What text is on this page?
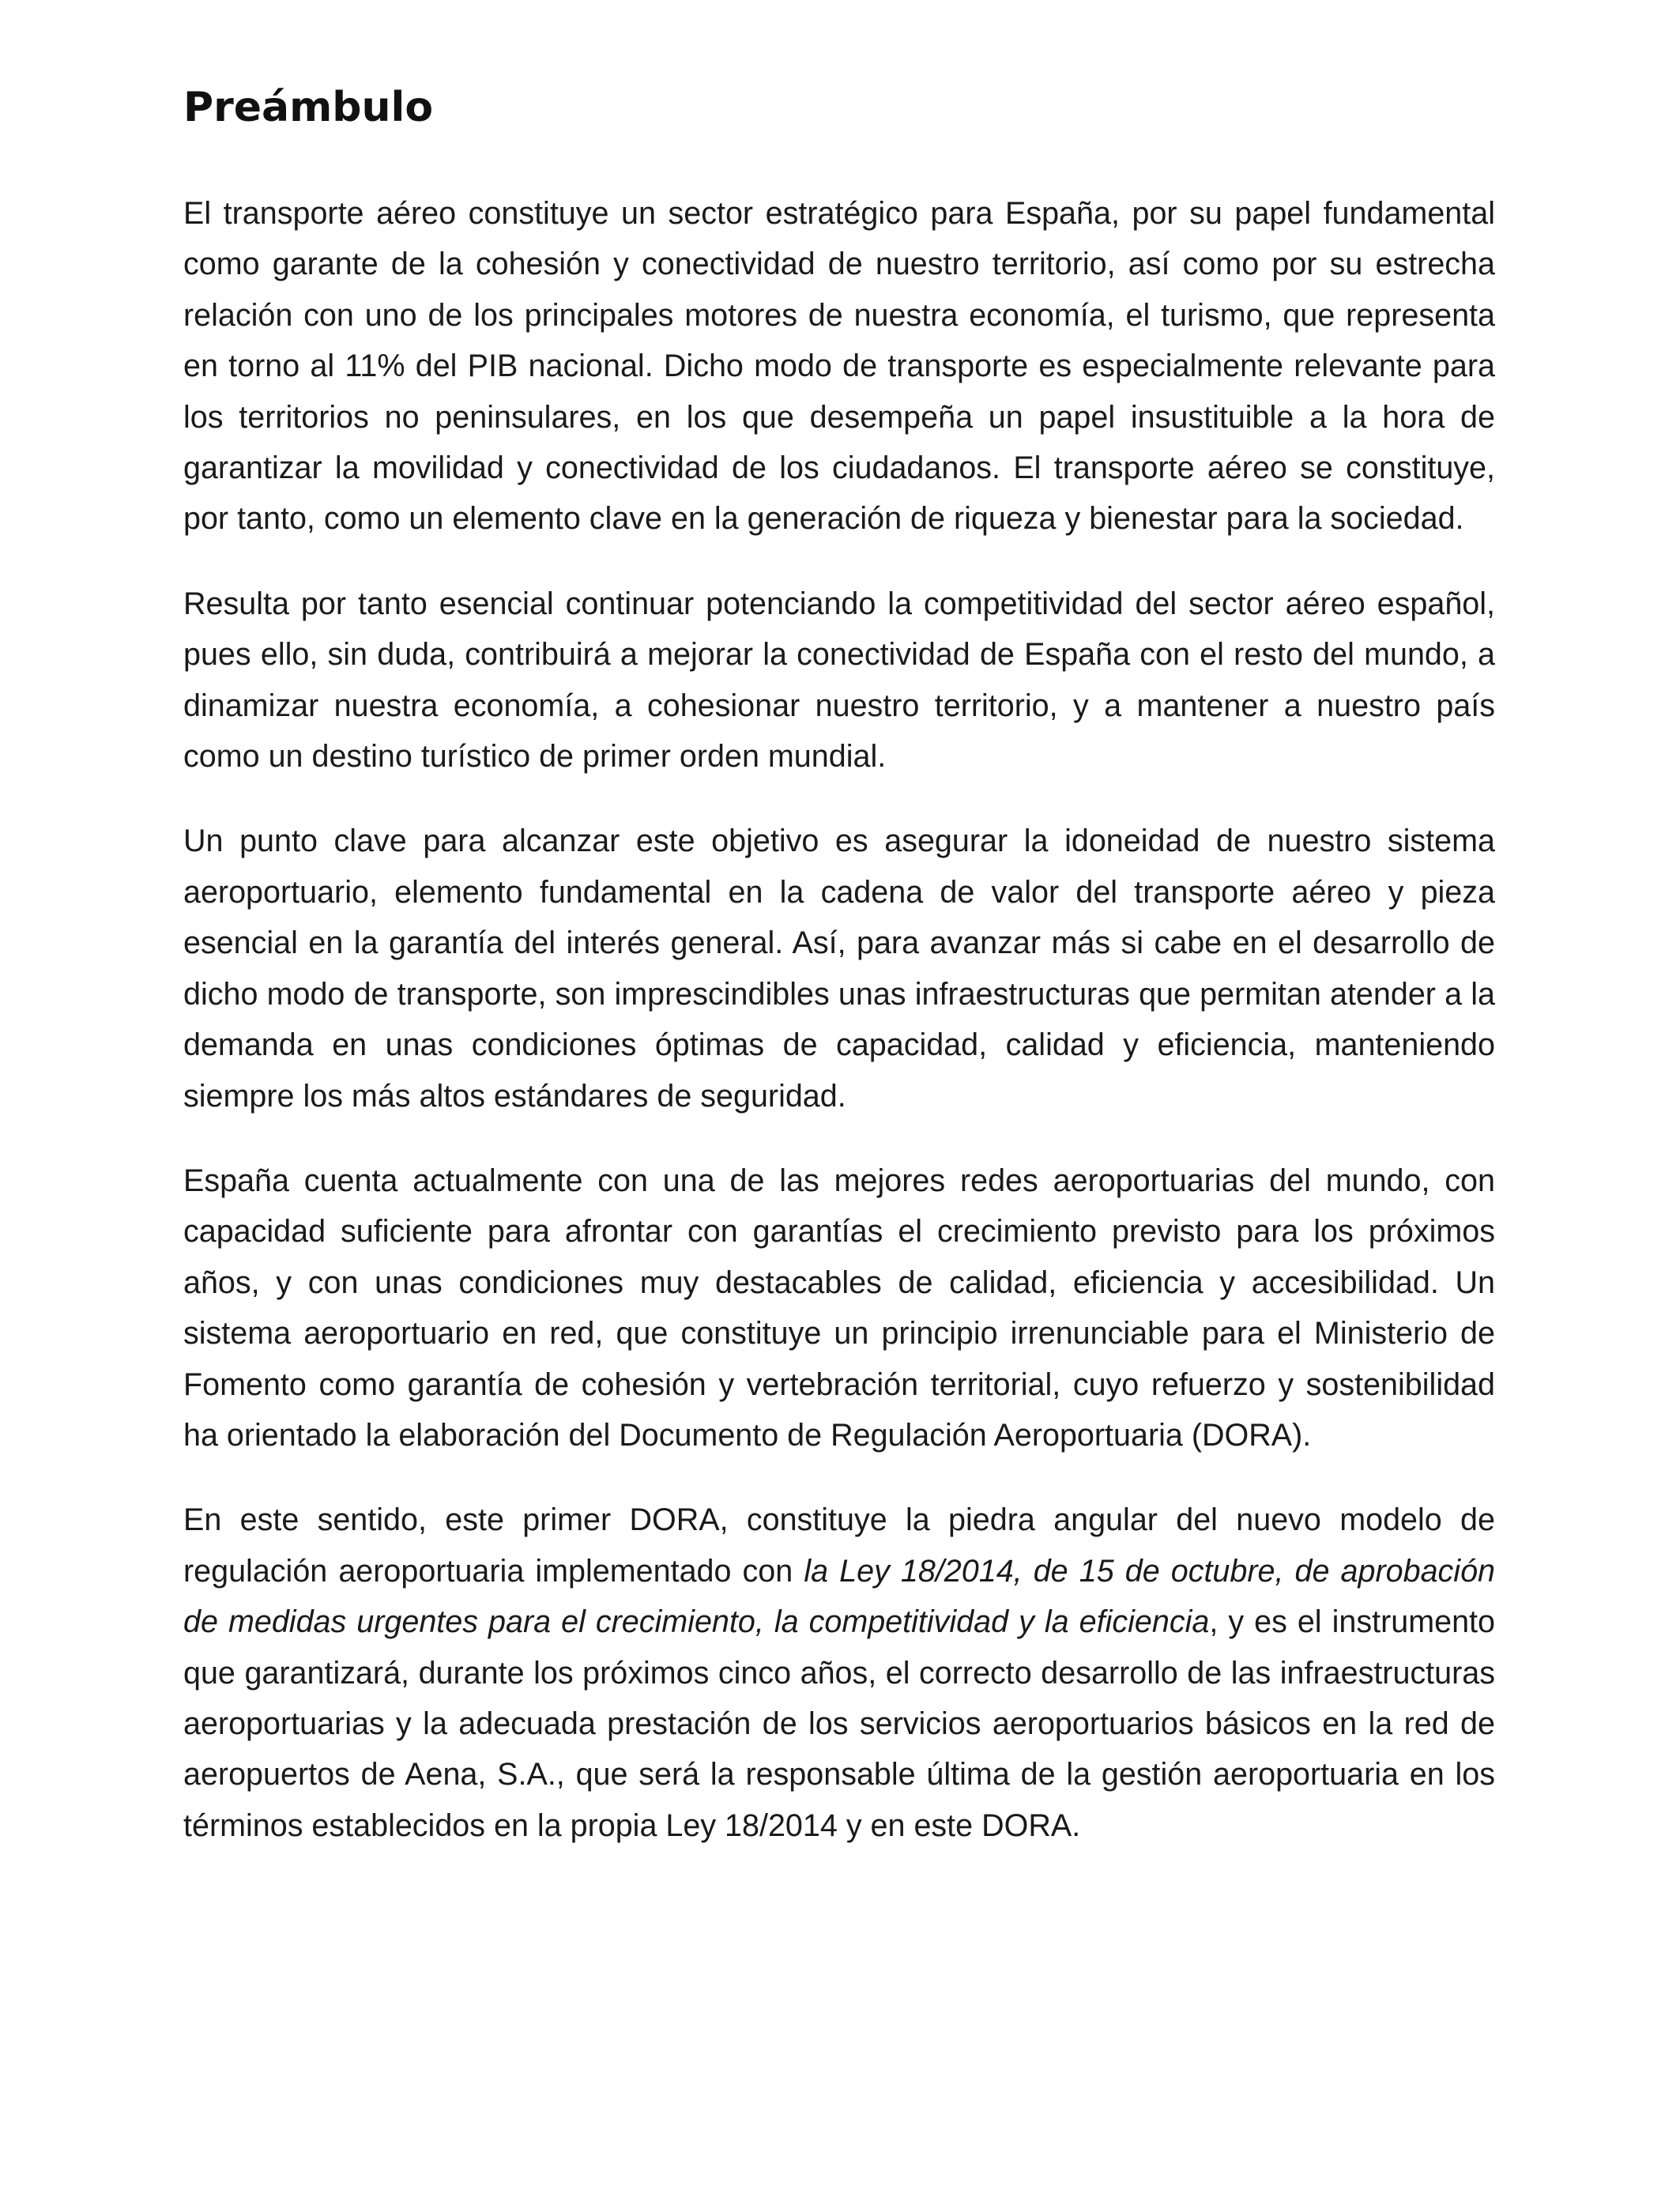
Preámbulo

El transporte aéreo constituye un sector estratégico para España, por su papel fundamental como garante de la cohesión y conectividad de nuestro territorio, así como por su estrecha relación con uno de los principales motores de nuestra economía, el turismo, que representa en torno al 11% del PIB nacional. Dicho modo de transporte es especialmente relevante para los territorios no peninsulares, en los que desempeña un papel insustituible a la hora de garantizar la movilidad y conectividad de los ciudadanos. El transporte aéreo se constituye, por tanto, como un elemento clave en la generación de riqueza y bienestar para la sociedad.

Resulta por tanto esencial continuar potenciando la competitividad del sector aéreo español, pues ello, sin duda, contribuirá a mejorar la conectividad de España con el resto del mundo, a dinamizar nuestra economía, a cohesionar nuestro territorio, y a mantener a nuestro país como un destino turístico de primer orden mundial.

Un punto clave para alcanzar este objetivo es asegurar la idoneidad de nuestro sistema aeroportuario, elemento fundamental en la cadena de valor del transporte aéreo y pieza esencial en la garantía del interés general. Así, para avanzar más si cabe en el desarrollo de dicho modo de transporte, son imprescindibles unas infraestructuras que permitan atender a la demanda en unas condiciones óptimas de capacidad, calidad y eficiencia, manteniendo siempre los más altos estándares de seguridad.

España cuenta actualmente con una de las mejores redes aeroportuarias del mundo, con capacidad suficiente para afrontar con garantías el crecimiento previsto para los próximos años, y con unas condiciones muy destacables de calidad, eficiencia y accesibilidad. Un sistema aeroportuario en red, que constituye un principio irrenunciable para el Ministerio de Fomento como garantía de cohesión y vertebración territorial, cuyo refuerzo y sostenibilidad ha orientado la elaboración del Documento de Regulación Aeroportuaria (DORA).

En este sentido, este primer DORA, constituye la piedra angular del nuevo modelo de regulación aeroportuaria implementado con la Ley 18/2014, de 15 de octubre, de aprobación de medidas urgentes para el crecimiento, la competitividad y la eficiencia, y es el instrumento que garantizará, durante los próximos cinco años, el correcto desarrollo de las infraestructuras aeroportuarias y la adecuada prestación de los servicios aeroportuarios básicos en la red de aeropuertos de Aena, S.A., que será la responsable última de la gestión aeroportuaria en los términos establecidos en la propia Ley 18/2014 y en este DORA.
